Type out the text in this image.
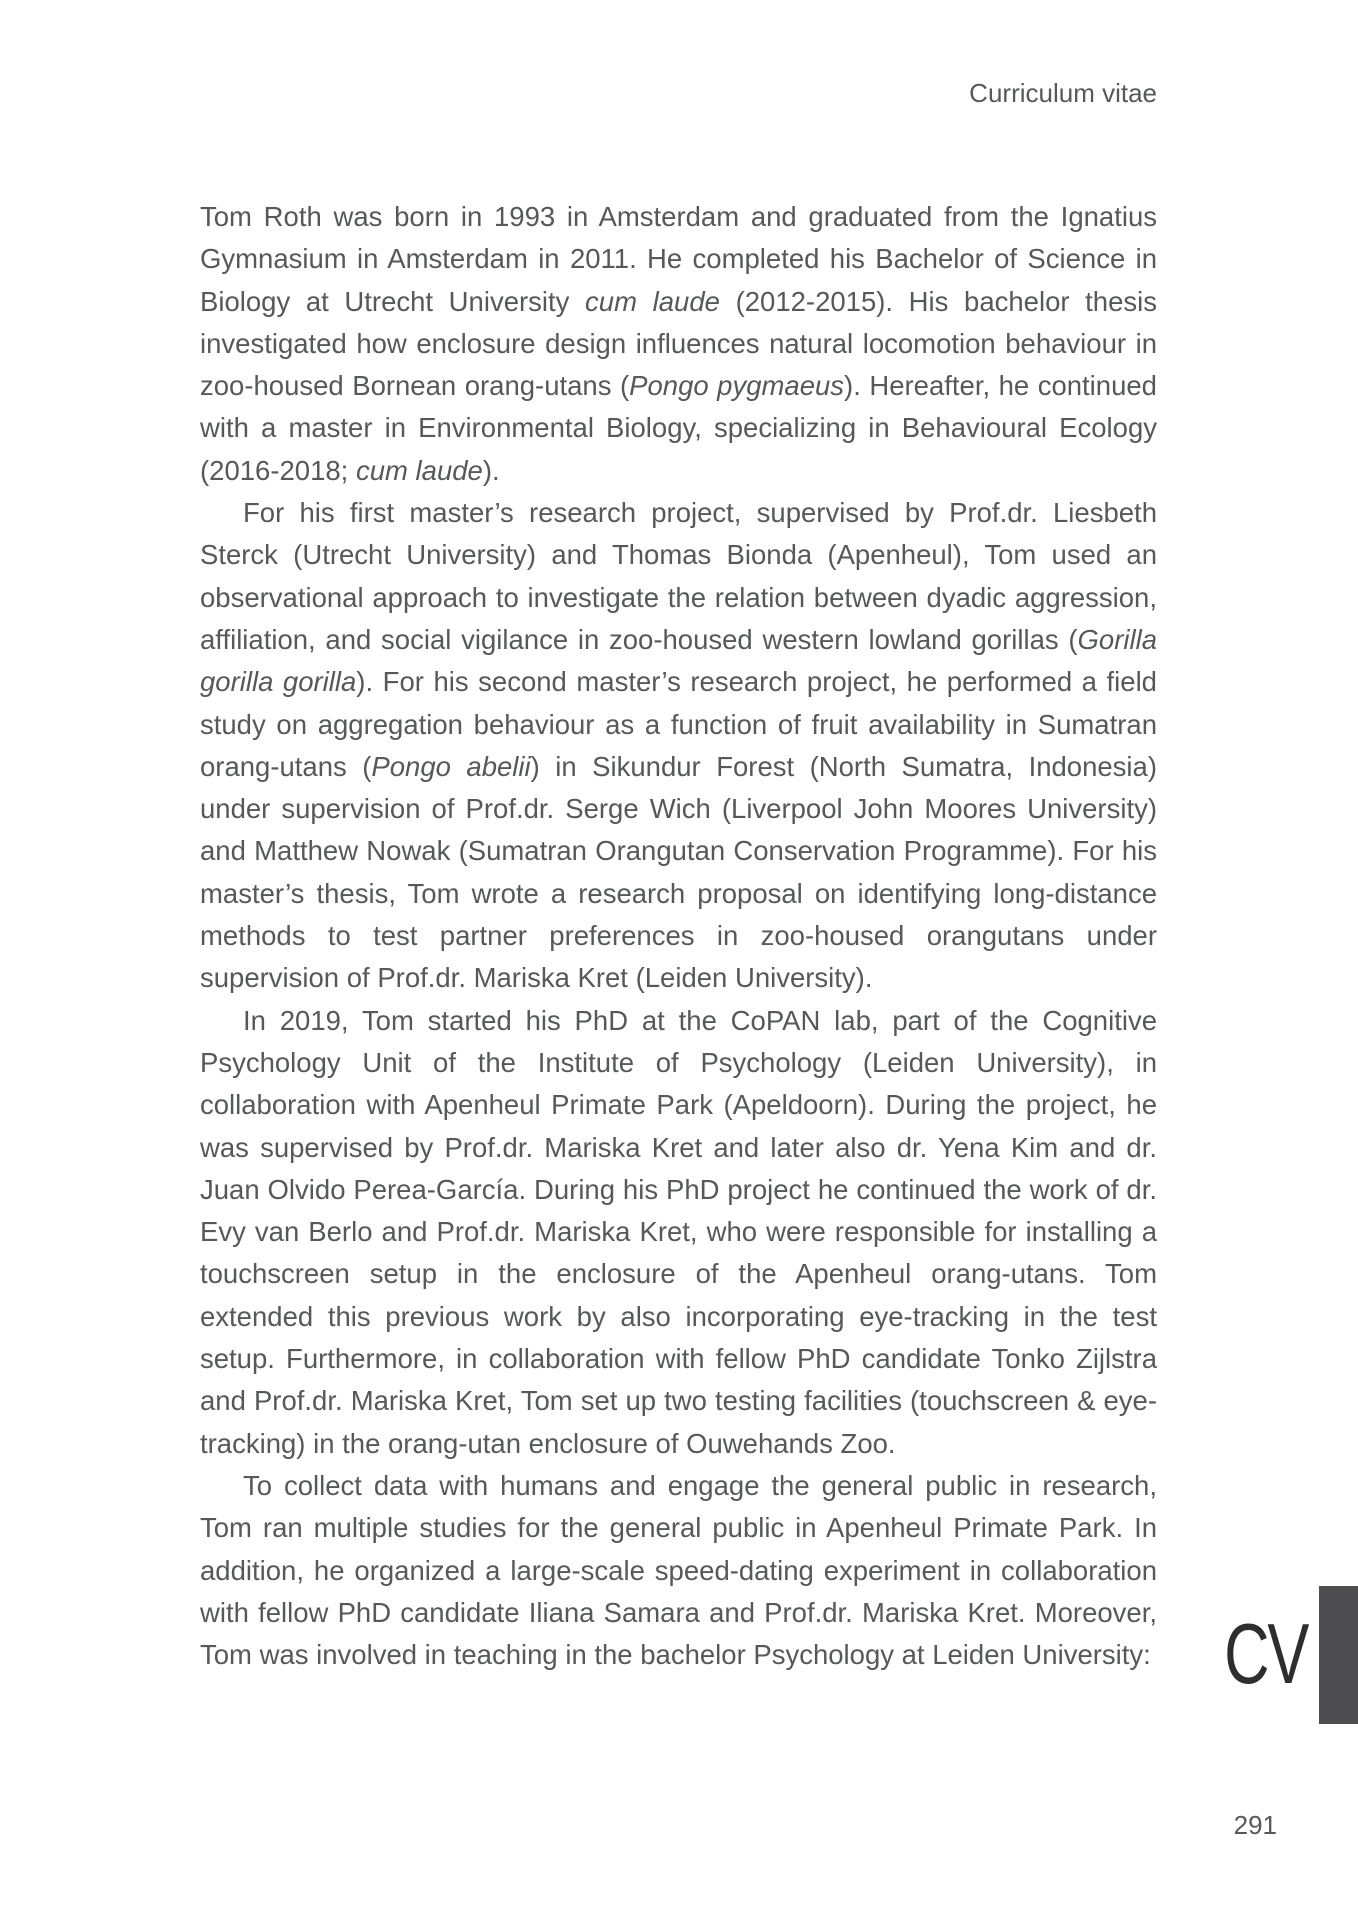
Curriculum vitae

Tom Roth was born in 1993 in Amsterdam and graduated from the Ignatius Gymnasium in Amsterdam in 2011. He completed his Bachelor of Science in Biology at Utrecht University cum laude (2012-2015). His bachelor thesis investigated how enclosure design influences natural locomotion behaviour in zoo-housed Bornean orang-utans (Pongo pygmaeus). Hereafter, he continued with a master in Environmental Biology, specializing in Behavioural Ecology (2016-2018; cum laude).

For his first master’s research project, supervised by Prof.dr. Liesbeth Sterck (Utrecht University) and Thomas Bionda (Apenheul), Tom used an observational approach to investigate the relation between dyadic aggression, affiliation, and social vigilance in zoo-housed western lowland gorillas (Gorilla gorilla gorilla). For his second master’s research project, he performed a field study on aggregation behaviour as a function of fruit availability in Sumatran orang-utans (Pongo abelii) in Sikundur Forest (North Sumatra, Indonesia) under supervision of Prof.dr. Serge Wich (Liverpool John Moores University) and Matthew Nowak (Sumatran Orangutan Conservation Programme). For his master’s thesis, Tom wrote a research proposal on identifying long-distance methods to test partner preferences in zoo-housed orangutans under supervision of Prof.dr. Mariska Kret (Leiden University).

In 2019, Tom started his PhD at the CoPAN lab, part of the Cognitive Psychology Unit of the Institute of Psychology (Leiden University), in collaboration with Apenheul Primate Park (Apeldoorn). During the project, he was supervised by Prof.dr. Mariska Kret and later also dr. Yena Kim and dr. Juan Olvido Perea-García. During his PhD project he continued the work of dr. Evy van Berlo and Prof.dr. Mariska Kret, who were responsible for installing a touchscreen setup in the enclosure of the Apenheul orang-utans. Tom extended this previous work by also incorporating eye-tracking in the test setup. Furthermore, in collaboration with fellow PhD candidate Tonko Zijlstra and Prof.dr. Mariska Kret, Tom set up two testing facilities (touchscreen & eye-tracking) in the orang-utan enclosure of Ouwehands Zoo.

To collect data with humans and engage the general public in research, Tom ran multiple studies for the general public in Apenheul Primate Park. In addition, he organized a large-scale speed-dating experiment in collaboration with fellow PhD candidate Iliana Samara and Prof.dr. Mariska Kret. Moreover, Tom was involved in teaching in the bachelor Psychology at Leiden University: CV
291
